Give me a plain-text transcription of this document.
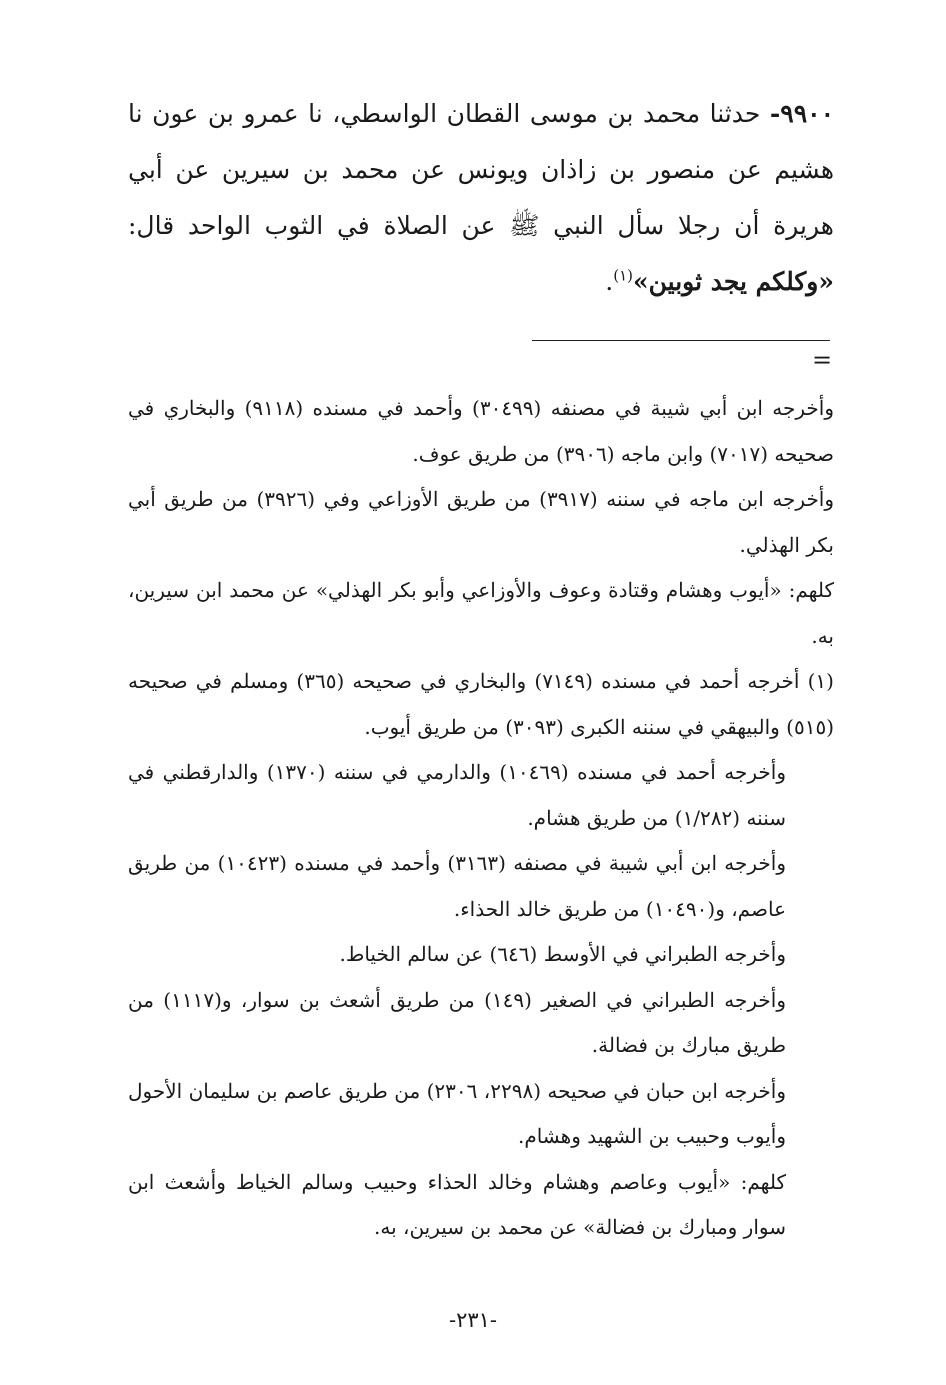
٩٩٠٠- حدثنا محمد بن موسى القطان الواسطي، نا عمرو بن عون نا هشيم عن منصور بن زاذان ويونس عن محمد بن سيرين عن أبي هريرة أن رجلا سأل النبي ﷺ عن الصلاة في الثوب الواحد قال: «وكلكم يجد ثوبين»$^{(١)}$.
=

وأخرجه ابن أبي شيبة في مصنفه (٣٠٤٩٩) وأحمد في مسنده (٩١١٨) والبخاري في صحيحه (٧٠١٧) وابن ماجه (٣٩٠٦) من طريق عوف.

وأخرجه ابن ماجه في سننه (٣٩١٧) من طريق الأوزاعي وفي (٣٩٢٦) من طريق أبي بكر الهذلي.

كلهم: «أيوب وهشام وقتادة وعوف والأوزاعي وأبو بكر الهذلي» عن محمد ابن سيرين، به.

(١) أخرجه أحمد في مسنده (٧١٤٩) والبخاري في صحيحه (٣٦٥) ومسلم في صحيحه (٥١٥) والبيهقي في سننه الكبرى (٣٠٩٣) من طريق أيوب.

وأخرجه أحمد في مسنده (١٠٤٦٩) والدارمي في سننه (١٣٧٠) والدارقطني في سننه (١/٢٨٢) من طريق هشام.

وأخرجه ابن أبي شيبة في مصنفه (٣١٦٣) وأحمد في مسنده (١٠٤٢٣) من طريق عاصم، و(١٠٤٩٠) من طريق خالد الحذاء.

وأخرجه الطبراني في الأوسط (٦٤٦) عن سالم الخياط.

وأخرجه الطبراني في الصغير (١٤٩) من طريق أشعث بن سوار، و(١١١٧) من طريق مبارك بن فضالة.

وأخرجه ابن حبان في صحيحه (٢٢٩٨، ٢٣٠٦) من طريق عاصم بن سليمان الأحول وأيوب وحبيب بن الشهيد وهشام.

كلهم: «أيوب وعاصم وهشام وخالد الحذاء وحبيب وسالم الخياط وأشعث ابن سوار ومبارك بن فضالة» عن محمد بن سيرين، به.

-٢٣١-
